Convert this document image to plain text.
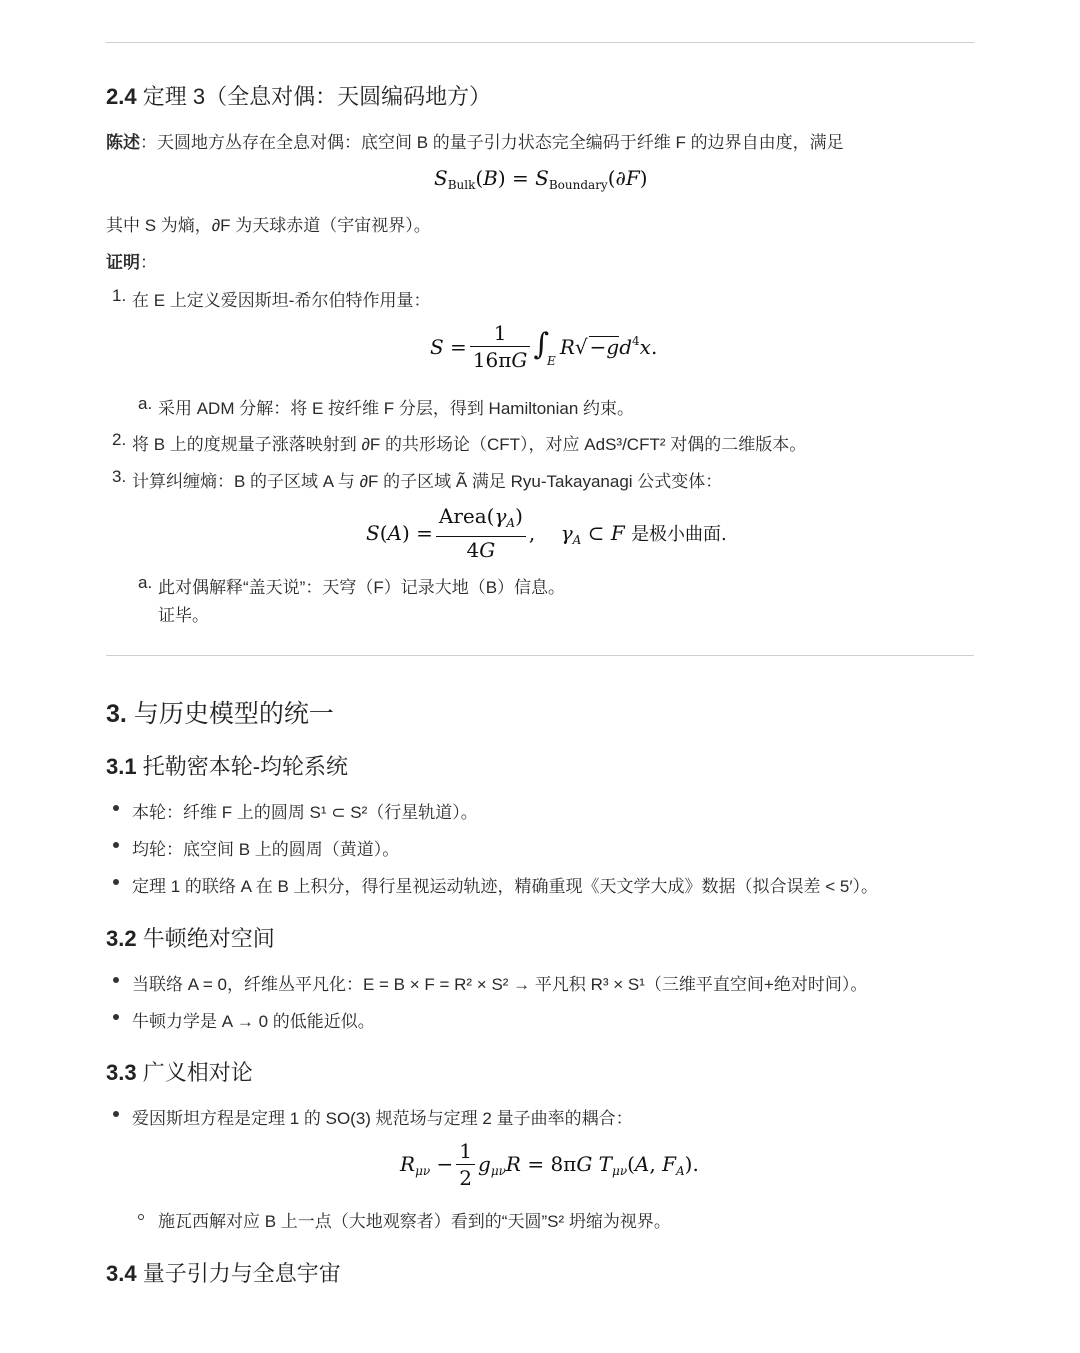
2.4 定理 3（全息对偶：天圆编码地方）
陈述：天圆地方丛存在全息对偶：底空间 B 的量子引力状态完全编码于纤维 F 的边界自由度，满足
$S_{Bulk}(B) = S_{Boundary}(\partial F)$
其中 S 为熵，∂F 为天球赤道（宇宙视界）。
证明：
1. 在 E 上定义爱因斯坦-希尔伯特作用量：
$S = \frac{1}{16\pi G} \int ER√ -gd^4x$.
a. 采用 ADM 分解：将 E 按纤维 F 分层，得到 Hamiltonian 约束。
2. 将 B 上的度规量子涨落映射到 ∂F 的共形场论（CFT），对应 AdS³/CFT² 对偶的二维版本。
3. 计算纠缠熵：B 的子区域 A 与 ∂F 的子区域 Ã 满足 Ryu-Takayanagi 公式变体：
$S(A) = \frac{Area(\gamma_A)}{4G}$ ,    $\gamma_A$ ⊂ F 是极小曲面.
a. 此对偶解释“盖天说”：天穹（F）记录大地（B）信息。
证毕。
3. 与历史模型的统一
3.1 托勒密本轮-均轮系统
本轮：纤维 F 上的圆周 S¹ ⊂ S²（行星轨道）。
均轮：底空间 B 上的圆周（黄道）。
定理 1 的联络 A 在 B 上积分，得行星视运动轨迹，精确重现《天文学大成》数据（拟合误差 < 5′）。
3.2 牛顿绝对空间
当联络 A = 0，纤维丛平凡化：E = B × F = R² × S² → 平凡积 R³ × S¹（三维平直空间+绝对时间）。
牛顿力学是 A → 0 的低能近似。
3.3 广义相对论
爱因斯坦方程是定理 1 的 SO(3) 规范场与定理 2 量子曲率的耦合：
$R_{\mu\nu} - \frac{1}{2} g_{\mu\nu}R = 8\pi G$ $T_{\mu\nu}(A$, $F_A$).
施瓦西解对应 B 上一点（大地观察者）看到的“天圆”S² 坍缩为视界。
3.4 量子引力与全息宇宙
